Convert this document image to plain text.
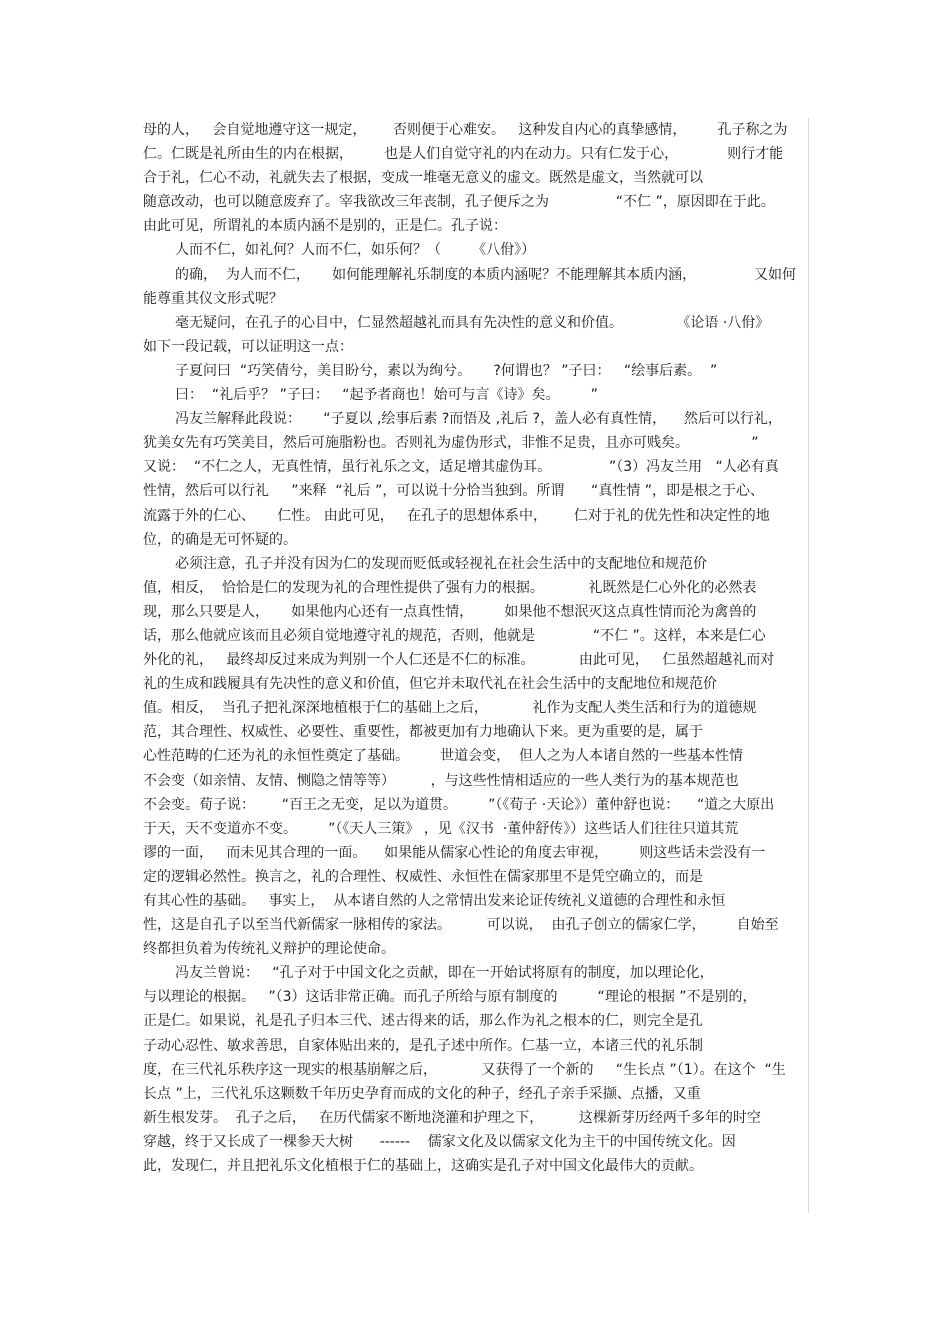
母的人，   会自觉地遵守这一规定，      否则便于心难安。   这种发自内心的真挚感情，       孔子称之为
仁。仁既是礼所由生的内在根据，       也是人们自觉守礼的内在动力。只有仁发于心，           则行才能
合于礼，仁心不动，礼就失去了根据，变成一堆毫无意义的虚文。既然是虚文，当然就可以
随意改动，也可以随意废弃了。宰我欲改三年丧制，孔子便斥之为               “不仁 ”，原因即在于此。
由此可见，所谓礼的本质内涵不是别的，正是仁。孔子说：
人而不仁，如礼何？人而不仁，如乐何？（       《八佾》）
的确，  为人而不仁，     如何能理解礼乐制度的本质内涵呢？不能理解其本质内涵，             又如何
能尊重其仪文形式呢？
毫无疑问，在孔子的心目中，仁显然超越礼而具有先决性的意义和价值。            《论语 ·八佾》
如下一段记载，可以证明这一点：
子夏问曰  “巧笑倩兮，美目盼兮，素以为绚兮。     ?何谓也？ ”子曰：   “绘事后素。  ”
曰：  “礼后乎？ ”子曰：   “起予者商也！始可与言《诗》矣。       ”
冯友兰解释此段说：     “子夏以 ,绘事后素 ?而悟及 ,礼后 ?，盖人必有真性情，    然后可以行礼，
犹美女先有巧笑美目，然后可施脂粉也。否则礼为虚伪形式，非惟不足贵，且亦可贱矣。              ”
又说：  “不仁之人，无真性情，虽行礼乐之文，适足增其虚伪耳。             ”（3）冯友兰用   “人必有真
性情，然后可以行礼     ”来释  “礼后 ”，可以说十分恰当独到。所谓      “真性情 ”，即是根之于心、
流露于外的仁心、     仁性。 由此可见，   在孔子的思想体系中，      仁对于礼的优先性和决定性的地
位，的确是无可怀疑的。
必须注意，孔子并没有因为仁的发现而贬低或轻视礼在社会生活中的支配地位和规范价
值，相反，  恰恰是仁的发现为礼的合理性提供了强有力的根据。          礼既然是仁心外化的必然表
现，那么只要是人，     如果他内心还有一点真性情，       如果他不想泯灭这点真性情而沦为禽兽的
话，那么他就应该而且必须自觉地遵守礼的规范，否则，他就是             “不仁 ”。这样，本来是仁心
外化的礼，   最终却反过来成为判别一个人仁还是不仁的标准。          由此可见，   仁虽然超越礼而对
礼的生成和践履具有先决性的意义和价值，但它并未取代礼在社会生活中的支配地位和规范价
值。相反，  当孔子把礼深深地植根于仁的基础上之后，          礼作为支配人类生活和行为的道德规
范，其合理性、权威性、必要性、重要性，都被更加有力地确认下来。更为重要的是，属于
心性范畴的仁还为礼的永恒性奠定了基础。       世道会变，  但人之为人本诸自然的一些基本性情
不会变（如亲情、友情、恻隐之情等等）        ，与这些性情相适应的一些人类行为的基本规范也
不会变。荀子说：      “百王之无变，足以为道贯。       ”（《荀子 ·天论》）董仲舒也说：    “道之大原出
于天，天不变道亦不变。       ”（《天人三策》 ，见《汉书  ·董仲舒传》）这些话人们往往只道其荒
谬的一面，   而未见其合理的一面。    如果能从儒家心性论的角度去审视，       则这些话未尝没有一
定的逻辑必然性。换言之，礼的合理性、权威性、永恒性在儒家那里不是凭空确立的，而是
有其心性的基础。   事实上，  从本诸自然的人之常情出发来论证传统礼义道德的合理性和永恒
性，这是自孔子以至当代新儒家一脉相传的家法。        可以说，  由孔子创立的儒家仁学，       自始至
终都担负着为传统礼义辩护的理论使命。
冯友兰曾说：   “孔子对于中国文化之贡献，即在一开始试将原有的制度，加以理论化，
与以理论的根据。   ”（3）这话非常正确。而孔子所给与原有制度的         “理论的根据 ”不是别的，
正是仁。如果说，礼是孔子归本三代、述古得来的话，那么作为礼之根本的仁，则完全是孔
子动心忍性、敏求善思，自家体贴出来的，是孔子述中所作。仁基一立，本诸三代的礼乐制
度，在三代礼乐秩序这一现实的根基崩解之后，          又获得了一个新的     “生长点 ”（1）。在这个  “生
长点 ”上，三代礼乐这颗数千年历史孕育而成的文化的种子，经孔子亲手采撷、点播，又重
新生根发芽。  孔子之后，   在历代儒家不断地浇灌和护理之下，        这棵新芽历经两千多年的时空
穿越，终于又长成了一棵参天大树      ------    儒家文化及以儒家文化为主干的中国传统文化。因
此，发现仁，并且把礼乐文化植根于仁的基础上，这确实是孔子对中国文化最伟大的贡献。
